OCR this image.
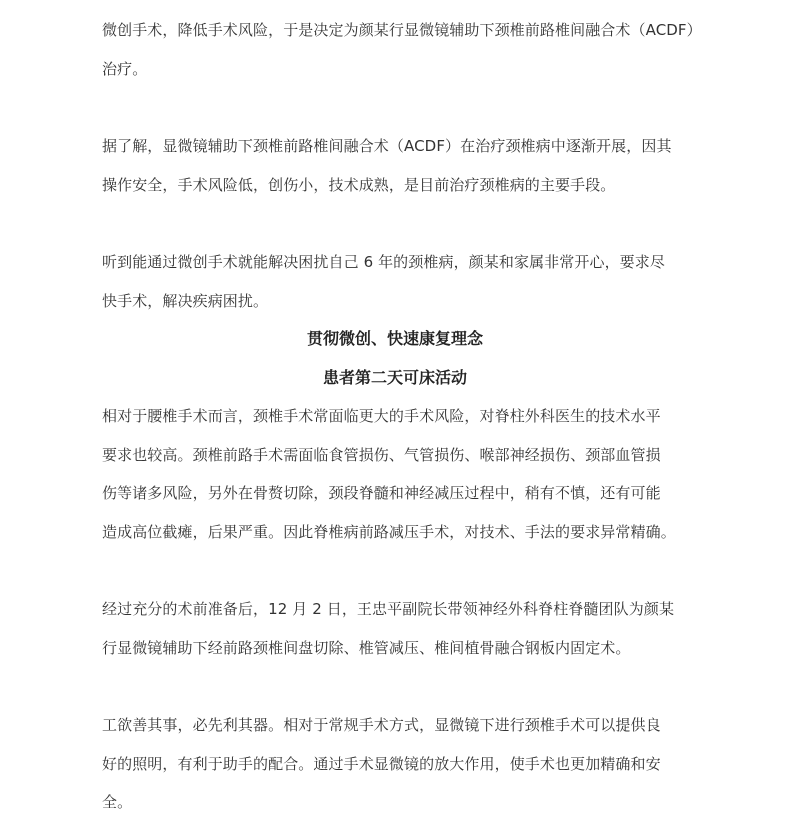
微创手术，降低手术风险，于是决定为颜某行显微镜辅助下颈椎前路椎间融合术（ACDF）
治疗。

据了解，显微镜辅助下颈椎前路椎间融合术（ACDF）在治疗颈椎病中逐渐开展，因其
操作安全，手术风险低，创伤小，技术成熟，是目前治疗颈椎病的主要手段。

听到能通过微创手术就能解决困扰自己 6 年的颈椎病，颜某和家属非常开心，要求尽
快手术，解决疾病困扰。

贯彻微创、快速康复理念
患者第二天可床活动

相对于腰椎手术而言，颈椎手术常面临更大的手术风险，对脊柱外科医生的技术水平
要求也较高。颈椎前路手术需面临食管损伤、气管损伤、喉部神经损伤、颈部血管损
伤等诸多风险，另外在骨赘切除，颈段脊髓和神经减压过程中，稍有不慎，还有可能
造成高位截瘫，后果严重。因此脊椎病前路减压手术，对技术、手法的要求异常精确。

经过充分的术前准备后，12 月 2 日，王忠平副院长带领神经外科脊柱脊髓团队为颜某
行显微镜辅助下经前路颈椎间盘切除、椎管减压、椎间植骨融合钢板内固定术。

工欲善其事，必先利其器。相对于常规手术方式，显微镜下进行颈椎手术可以提供良
好的照明，有利于助手的配合。通过手术显微镜的放大作用，使手术也更加精确和安
全。
